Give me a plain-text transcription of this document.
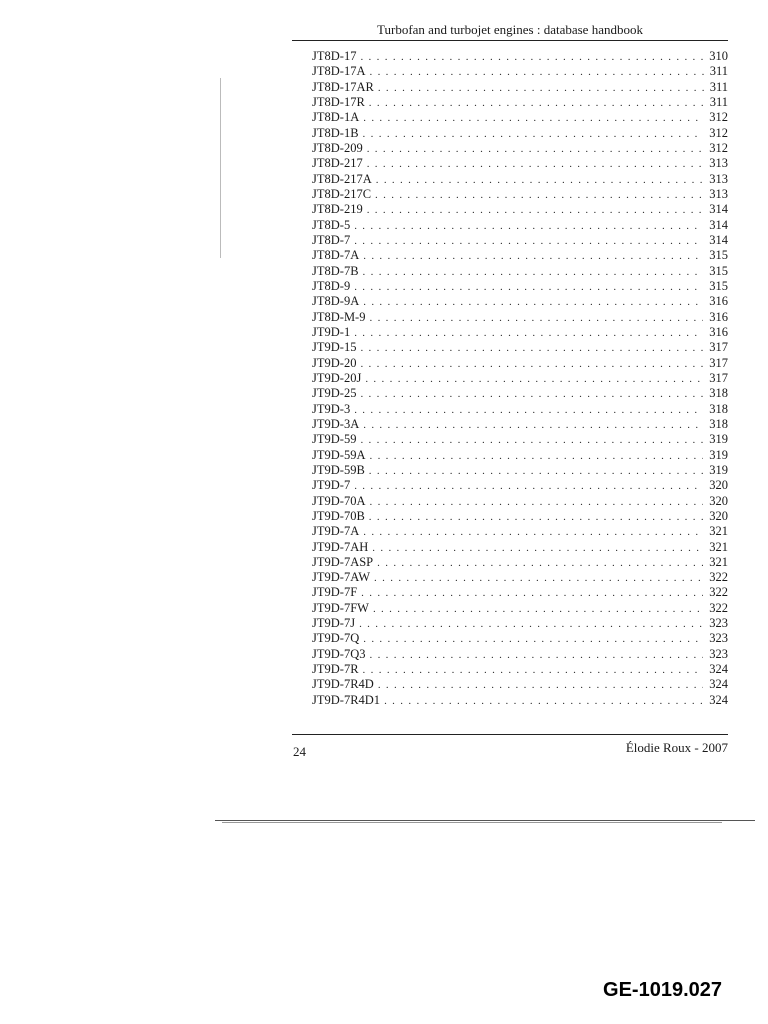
Turbofan and turbojet engines : database handbook
JT8D-17 . . .	310
JT8D-17A . . .	311
JT8D-17AR . . .	311
JT8D-17R . . .	311
JT8D-1A . . .	312
JT8D-1B . . .	312
JT8D-209 . . .	312
JT8D-217 . . .	313
JT8D-217A . . .	313
JT8D-217C . . .	313
JT8D-219 . . .	314
JT8D-5 . . .	314
JT8D-7 . . .	314
JT8D-7A . . .	315
JT8D-7B . . .	315
JT8D-9 . . .	315
JT8D-9A . . .	316
JT8D-M-9 . . .	316
JT9D-1 . . .	316
JT9D-15 . . .	317
JT9D-20 . . .	317
JT9D-20J . . .	317
JT9D-25 . . .	318
JT9D-3 . . .	318
JT9D-3A . . .	318
JT9D-59 . . .	319
JT9D-59A . . .	319
JT9D-59B . . .	319
JT9D-7 . . .	320
JT9D-70A . . .	320
JT9D-70B . . .	320
JT9D-7A . . .	321
JT9D-7AH . . .	321
JT9D-7ASP . . .	321
JT9D-7AW . . .	322
JT9D-7F . . .	322
JT9D-7FW . . .	322
JT9D-7J . . .	323
JT9D-7Q . . .	323
JT9D-7Q3 . . .	323
JT9D-7R . . .	324
JT9D-7R4D . . .	324
JT9D-7R4D1 . . .	324
24	Élodie Roux - 2007
GE-1019.027
